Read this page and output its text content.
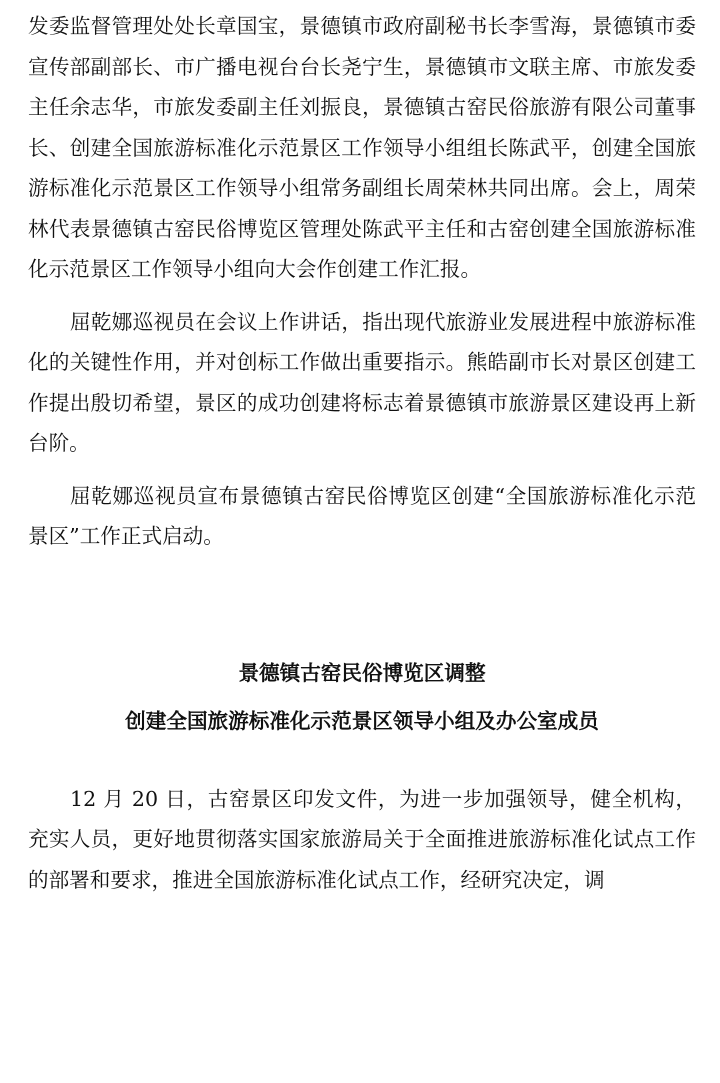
发委监督管理处处长章国宝，景德镇市政府副秘书长李雪海，景德镇市委宣传部副部长、市广播电视台台长尧宁生，景德镇市文联主席、市旅发委主任余志华，市旅发委副主任刘振良，景德镇古窑民俗旅游有限公司董事长、创建全国旅游标准化示范景区工作领导小组组长陈武平，创建全国旅游标准化示范景区工作领导小组常务副组长周荣林共同出席。会上，周荣林代表景德镇古窑民俗博览区管理处陈武平主任和古窑创建全国旅游标准化示范景区工作领导小组向大会作创建工作汇报。

屈乾娜巡视员在会议上作讲话，指出现代旅游业发展进程中旅游标准化的关键性作用，并对创标工作做出重要指示。熊皓副市长对景区创建工作提出殷切希望，景区的成功创建将标志着景德镇市旅游景区建设再上新台阶。

屈乾娜巡视员宣布景德镇古窑民俗博览区创建“全国旅游标准化示范景区”工作正式启动。

景德镇古窑民俗博览区调整
创建全国旅游标准化示范景区领导小组及办公室成员

12 月 20 日，古窑景区印发文件，为进一步加强领导，健全机构，充实人员，更好地贯彻落实国家旅游局关于全面推进旅游标准化试点工作的部署和要求，推进全国旅游标准化试点工作，经研究决定，调
